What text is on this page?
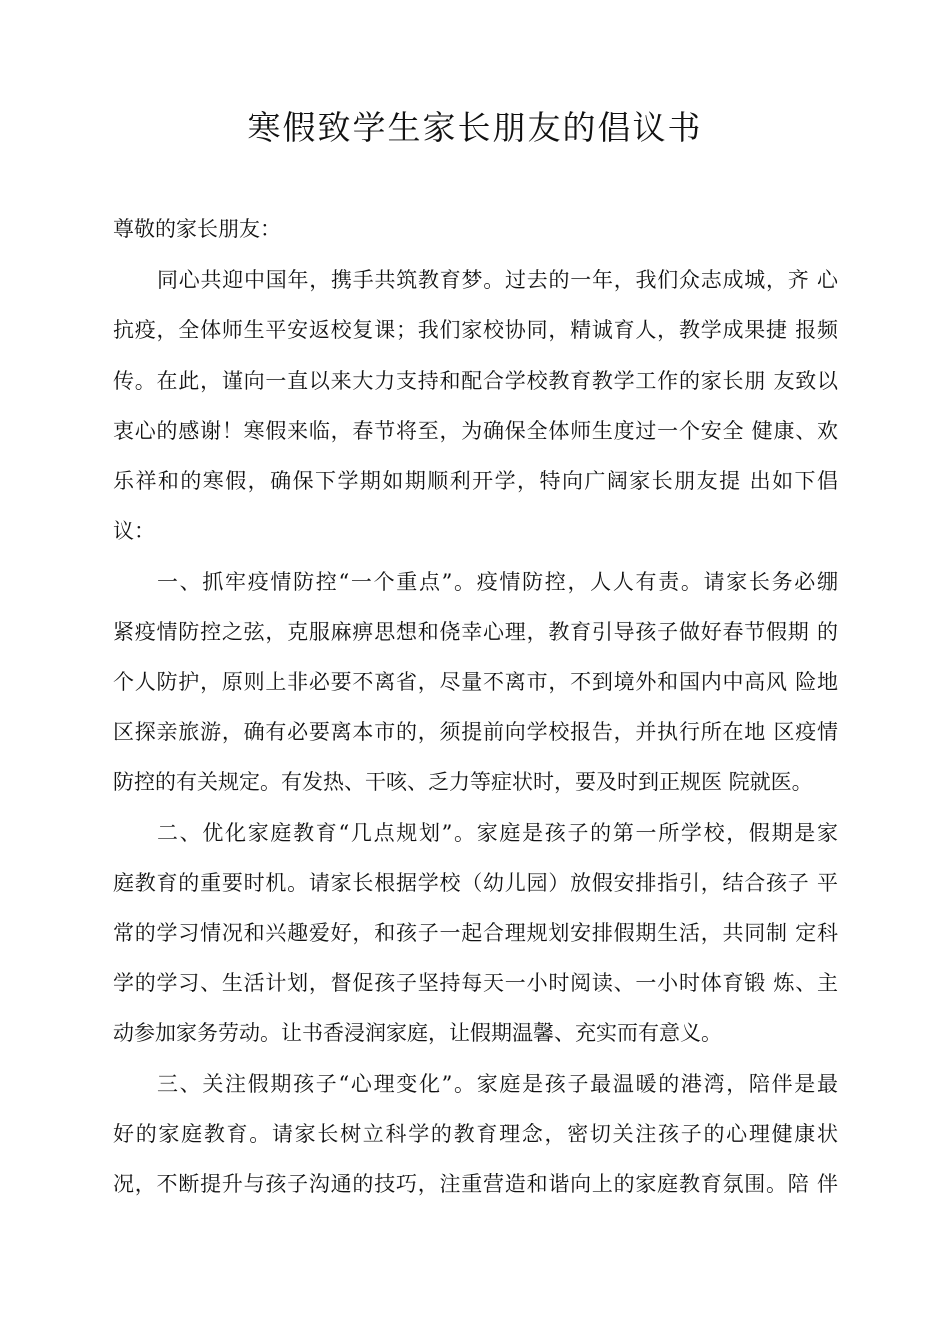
寒假致学生家长朋友的倡议书
尊敬的家长朋友：
同心共迎中国年，携手共筑教育梦。过去的一年，我们众志成城，齐 心
抗疫，全体师生平安返校复课；我们家校协同，精诚育人，教学成果捷 报频
传。在此，谨向一直以来大力支持和配合学校教育教学工作的家长朋 友致以
衷心的感谢！寒假来临，春节将至，为确保全体师生度过一个安全 健康、欢
乐祥和的寒假，确保下学期如期顺利开学，特向广阔家长朋友提 出如下倡
议：
一、抓牢疫情防控“一个重点”。疫情防控，人人有责。请家长务必绷
紧疫情防控之弦，克服麻痹思想和侥幸心理，教育引导孩子做好春节假期 的
个人防护，原则上非必要不离省，尽量不离市，不到境外和国内中高风 险地
区探亲旅游，确有必要离本市的，须提前向学校报告，并执行所在地 区疫情
防控的有关规定。有发热、干咳、乏力等症状时，要及时到正规医 院就医。
二、优化家庭教育“几点规划”。家庭是孩子的第一所学校，假期是家
庭教育的重要时机。请家长根据学校（幼儿园）放假安排指引，结合孩子 平
常的学习情况和兴趣爱好，和孩子一起合理规划安排假期生活，共同制 定科
学的学习、生活计划，督促孩子坚持每天一小时阅读、一小时体育锻 炼、主
动参加家务劳动。让书香浸润家庭，让假期温馨、充实而有意义。
三、关注假期孩子“心理变化”。家庭是孩子最温暖的港湾，陪伴是最
好的家庭教育。请家长树立科学的教育理念，密切关注孩子的心理健康状
况，不断提升与孩子沟通的技巧，注重营造和谐向上的家庭教育氛围。陪 伴
